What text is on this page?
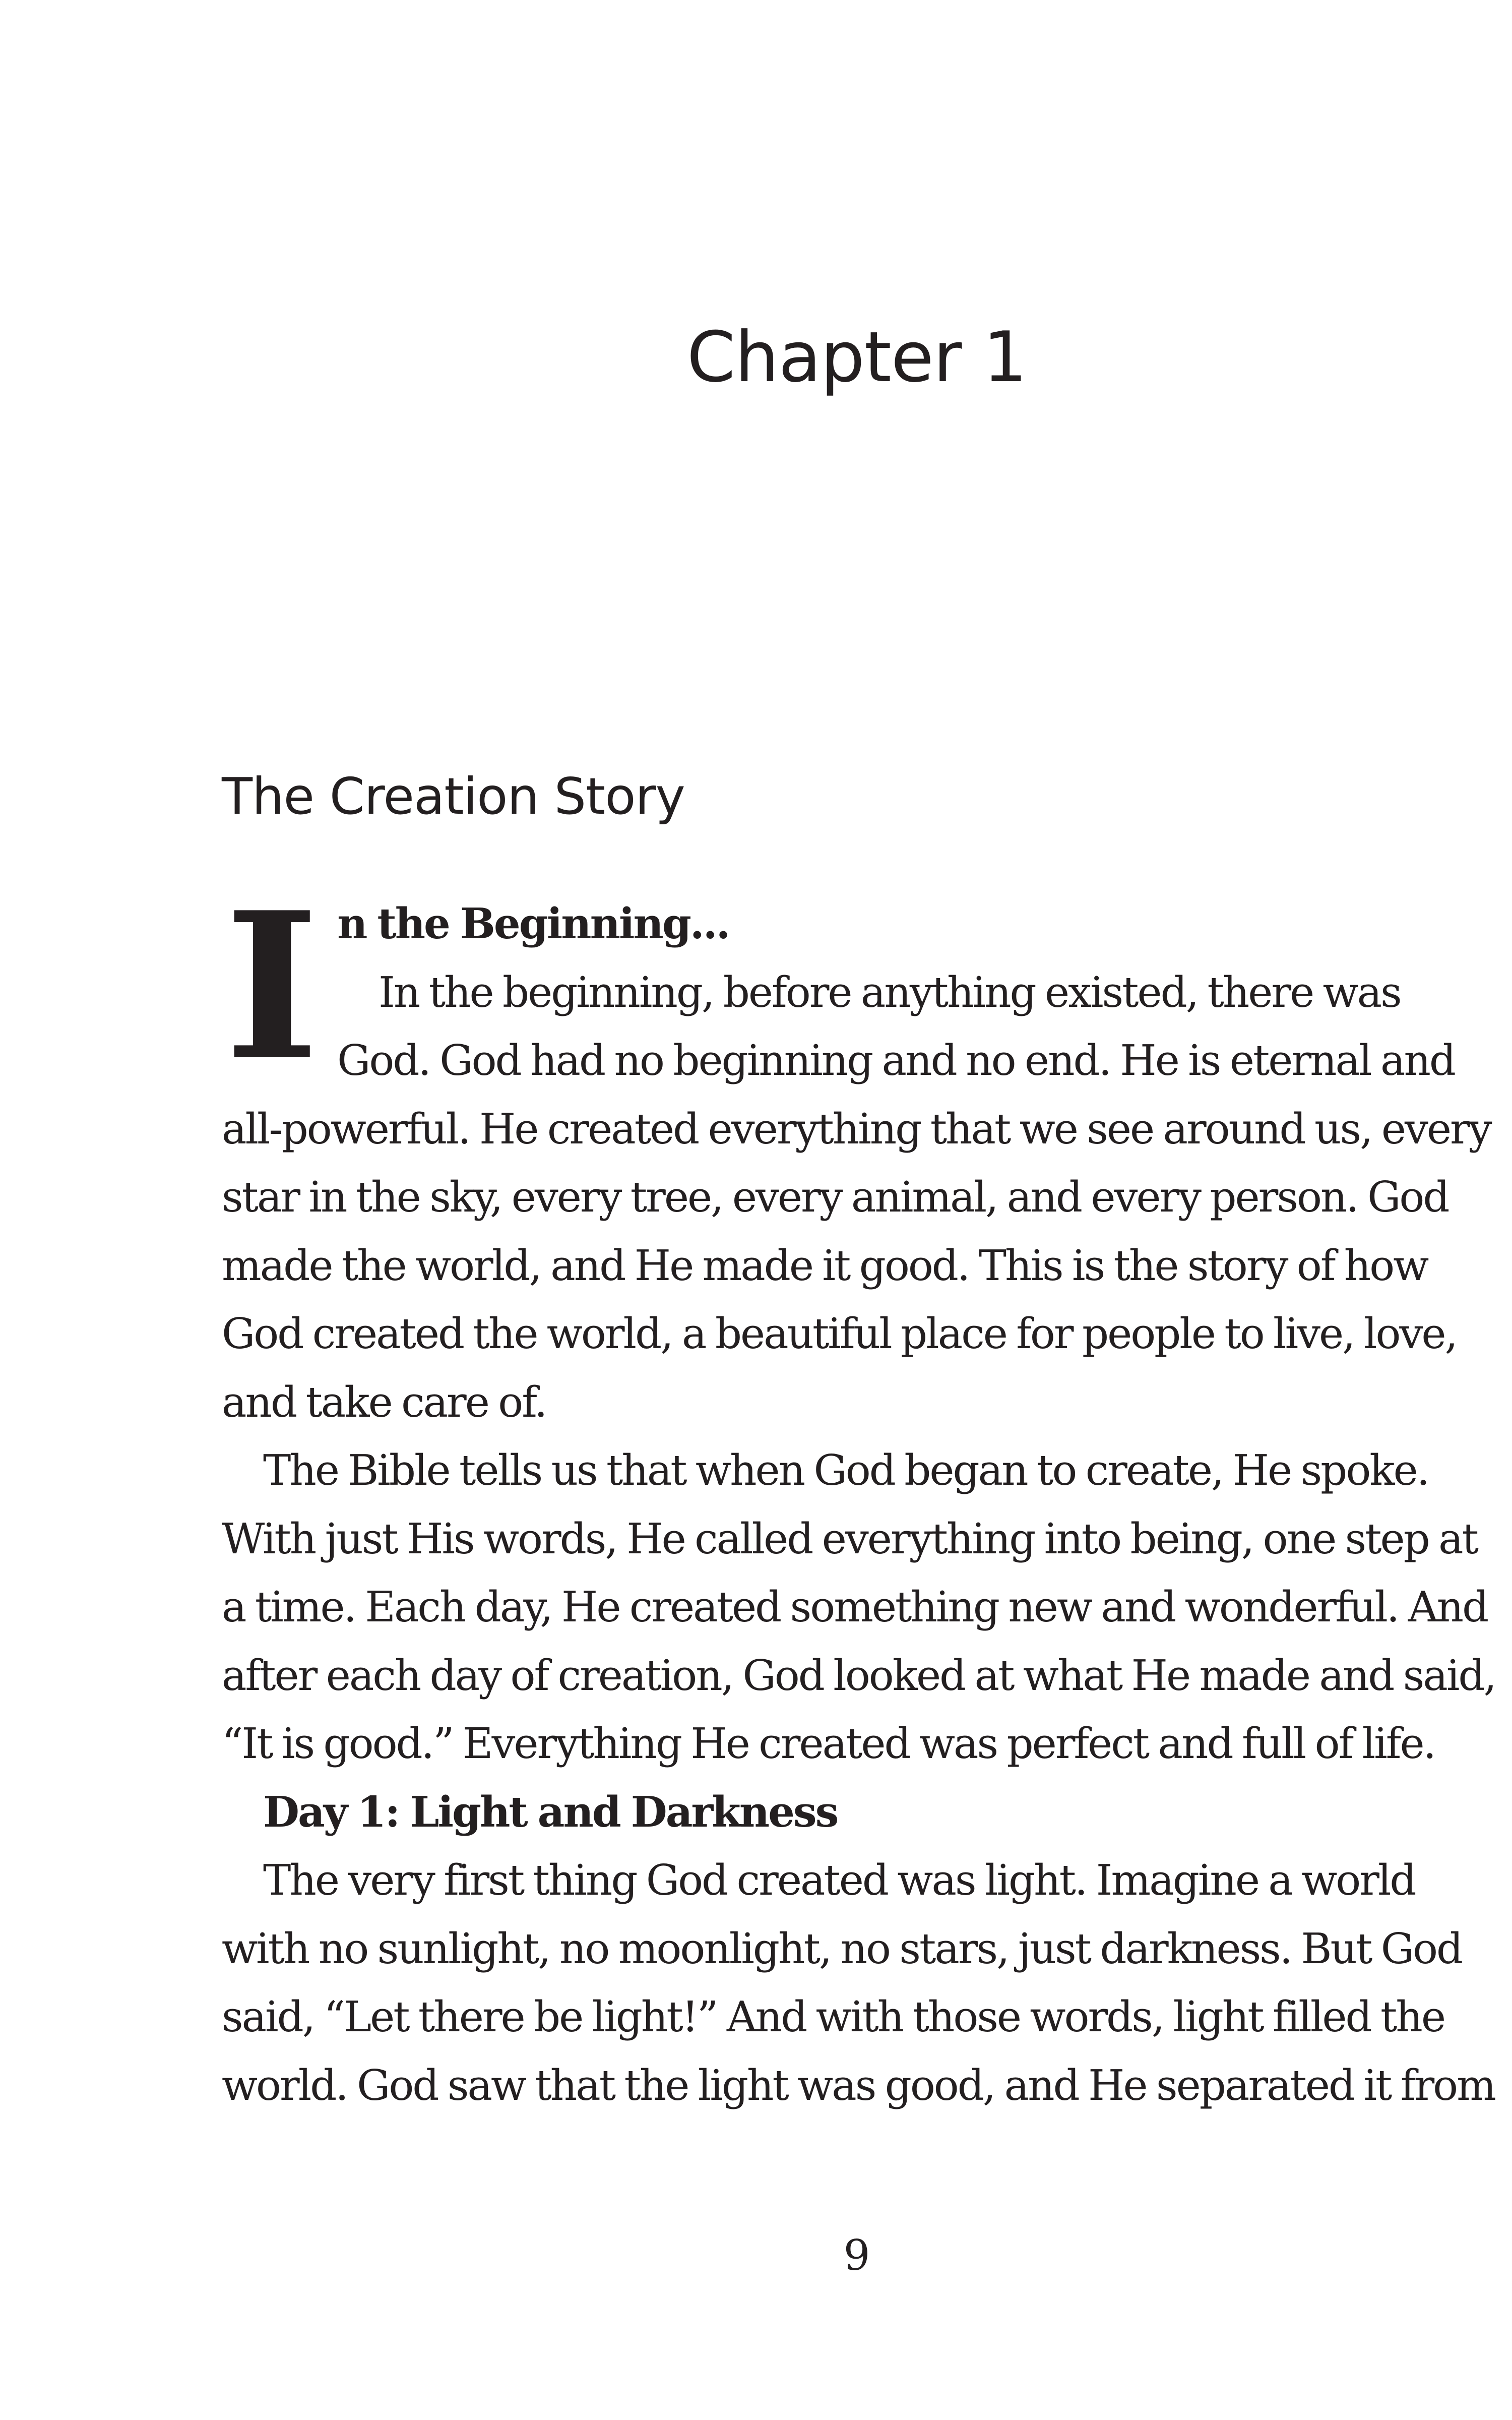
Chapter 1
The Creation Story
I n the Beginning...

In the beginning, before anything existed, there was God. God had no beginning and no end. He is eternal and all-powerful. He created everything that we see around us, every star in the sky, every tree, every animal, and every person. God made the world, and He made it good. This is the story of how God created the world, a beautiful place for people to live, love, and take care of.

The Bible tells us that when God began to create, He spoke. With just His words, He called everything into being, one step at a time. Each day, He created something new and wonderful. And after each day of creation, God looked at what He made and said, “It is good.” Everything He created was perfect and full of life.

Day 1: Light and Darkness

The very first thing God created was light. Imagine a world with no sunlight, no moonlight, no stars, just darkness. But God said, “Let there be light!” And with those words, light filled the world. God saw that the light was good, and He separated it from

9
